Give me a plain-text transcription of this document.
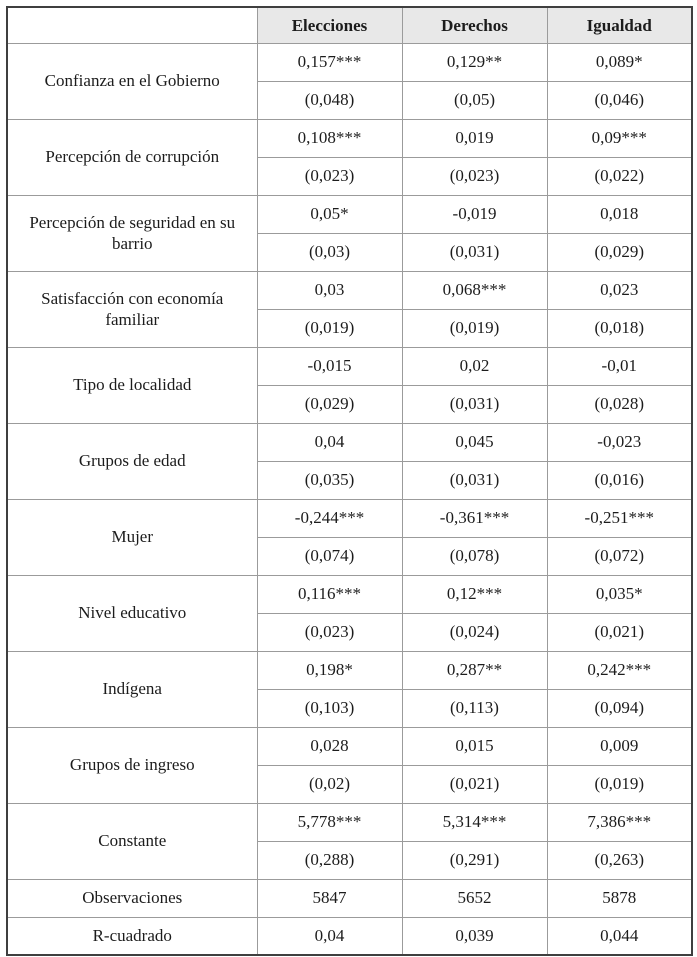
	Elecciones	Derechos	Igualdad
Confianza en el Gobierno	0,157***	0,129**	0,089*
	(0,048)	(0,05)	(0,046)
Percepción de corrupción	0,108***	0,019	0,09***
	(0,023)	(0,023)	(0,022)
Percepción de seguridad en su barrio	0,05*	-0,019	0,018
	(0,03)	(0,031)	(0,029)
Satisfacción con economía familiar	0,03	0,068***	0,023
	(0,019)	(0,019)	(0,018)
Tipo de localidad	-0,015	0,02	-0,01
	(0,029)	(0,031)	(0,028)
Grupos de edad	0,04	0,045	-0,023
	(0,035)	(0,031)	(0,016)
Mujer	-0,244***	-0,361***	-0,251***
	(0,074)	(0,078)	(0,072)
Nivel educativo	0,116***	0,12***	0,035*
	(0,023)	(0,024)	(0,021)
Indígena	0,198*	0,287**	0,242***
	(0,103)	(0,113)	(0,094)
Grupos de ingreso	0,028	0,015	0,009
	(0,02)	(0,021)	(0,019)
Constante	5,778***	5,314***	7,386***
	(0,288)	(0,291)	(0,263)
Observaciones	5847	5652	5878
R-cuadrado	0,04	0,039	0,044
